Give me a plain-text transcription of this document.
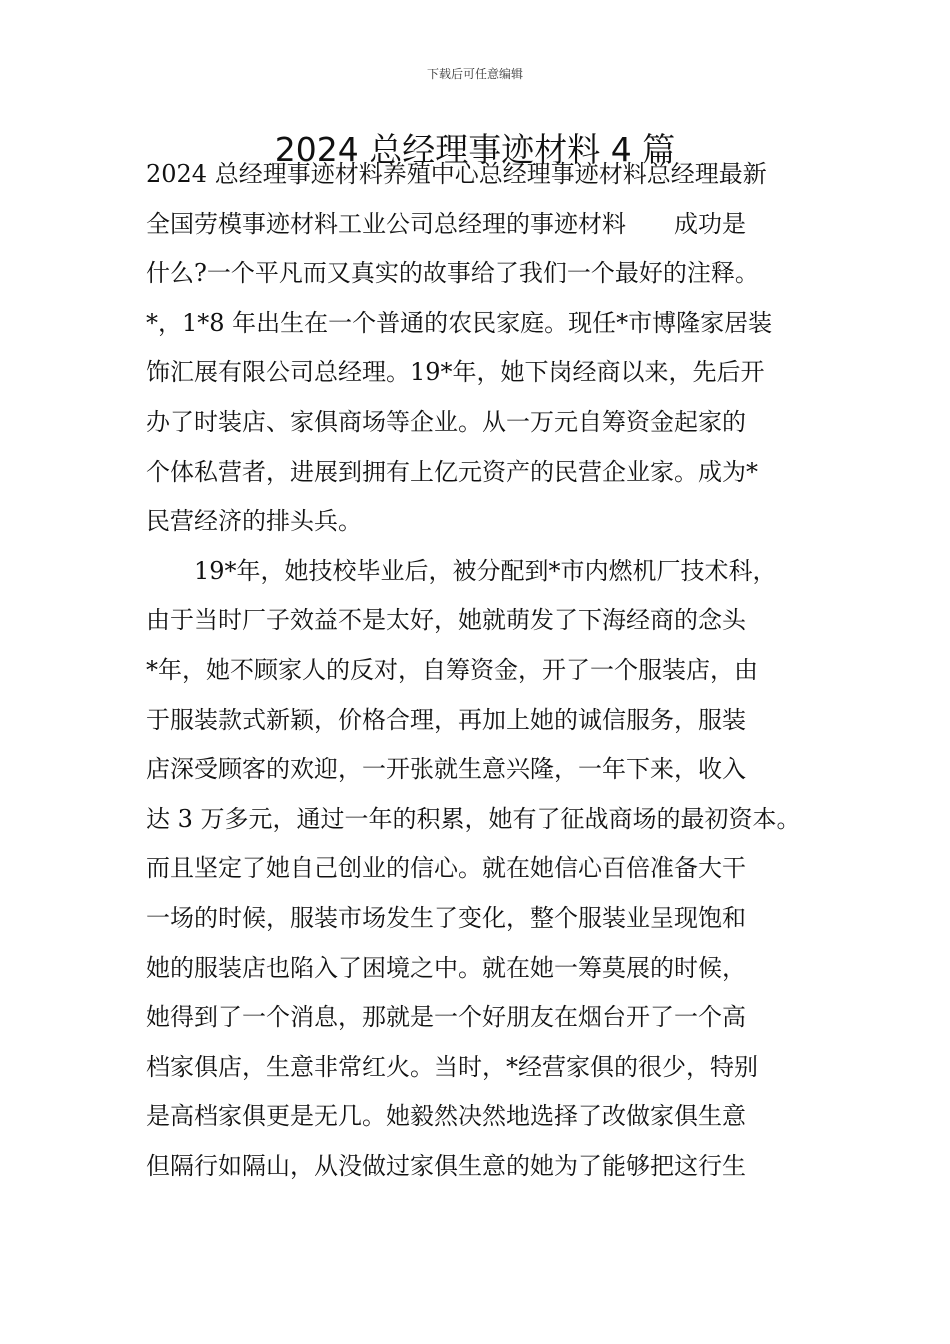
下载后可任意编辑
2024 总经理事迹材料 4 篇
2024 总经理事迹材料养殖中心总经理事迹材料总经理最新
全国劳模事迹材料工业公司总经理的事迹材料　　成功是
什么?一个平凡而又真实的故事给了我们一个最好的注释。
*，1*8 年出生在一个普通的农民家庭。现任*市博隆家居装
饰汇展有限公司总经理。19*年，她下岗经商以来，先后开
办了时装店、家俱商场等企业。从一万元自筹资金起家的
个体私营者，进展到拥有上亿元资产的民营企业家。成为*
民营经济的排头兵。
19*年，她技校毕业后，被分配到*市内燃机厂技术科，
由于当时厂子效益不是太好，她就萌发了下海经商的念头
*年，她不顾家人的反对，自筹资金，开了一个服装店，由
于服装款式新颖，价格合理，再加上她的诚信服务，服装
店深受顾客的欢迎，一开张就生意兴隆，一年下来，收入
达 3 万多元，通过一年的积累，她有了征战商场的最初资本。
而且坚定了她自己创业的信心。就在她信心百倍准备大干
一场的时候，服装市场发生了变化，整个服装业呈现饱和
她的服装店也陷入了困境之中。就在她一筹莫展的时候，
她得到了一个消息，那就是一个好朋友在烟台开了一个高
档家俱店，生意非常红火。当时，*经营家俱的很少，特别
是高档家俱更是无几。她毅然决然地选择了改做家俱生意
但隔行如隔山，从没做过家俱生意的她为了能够把这行生
